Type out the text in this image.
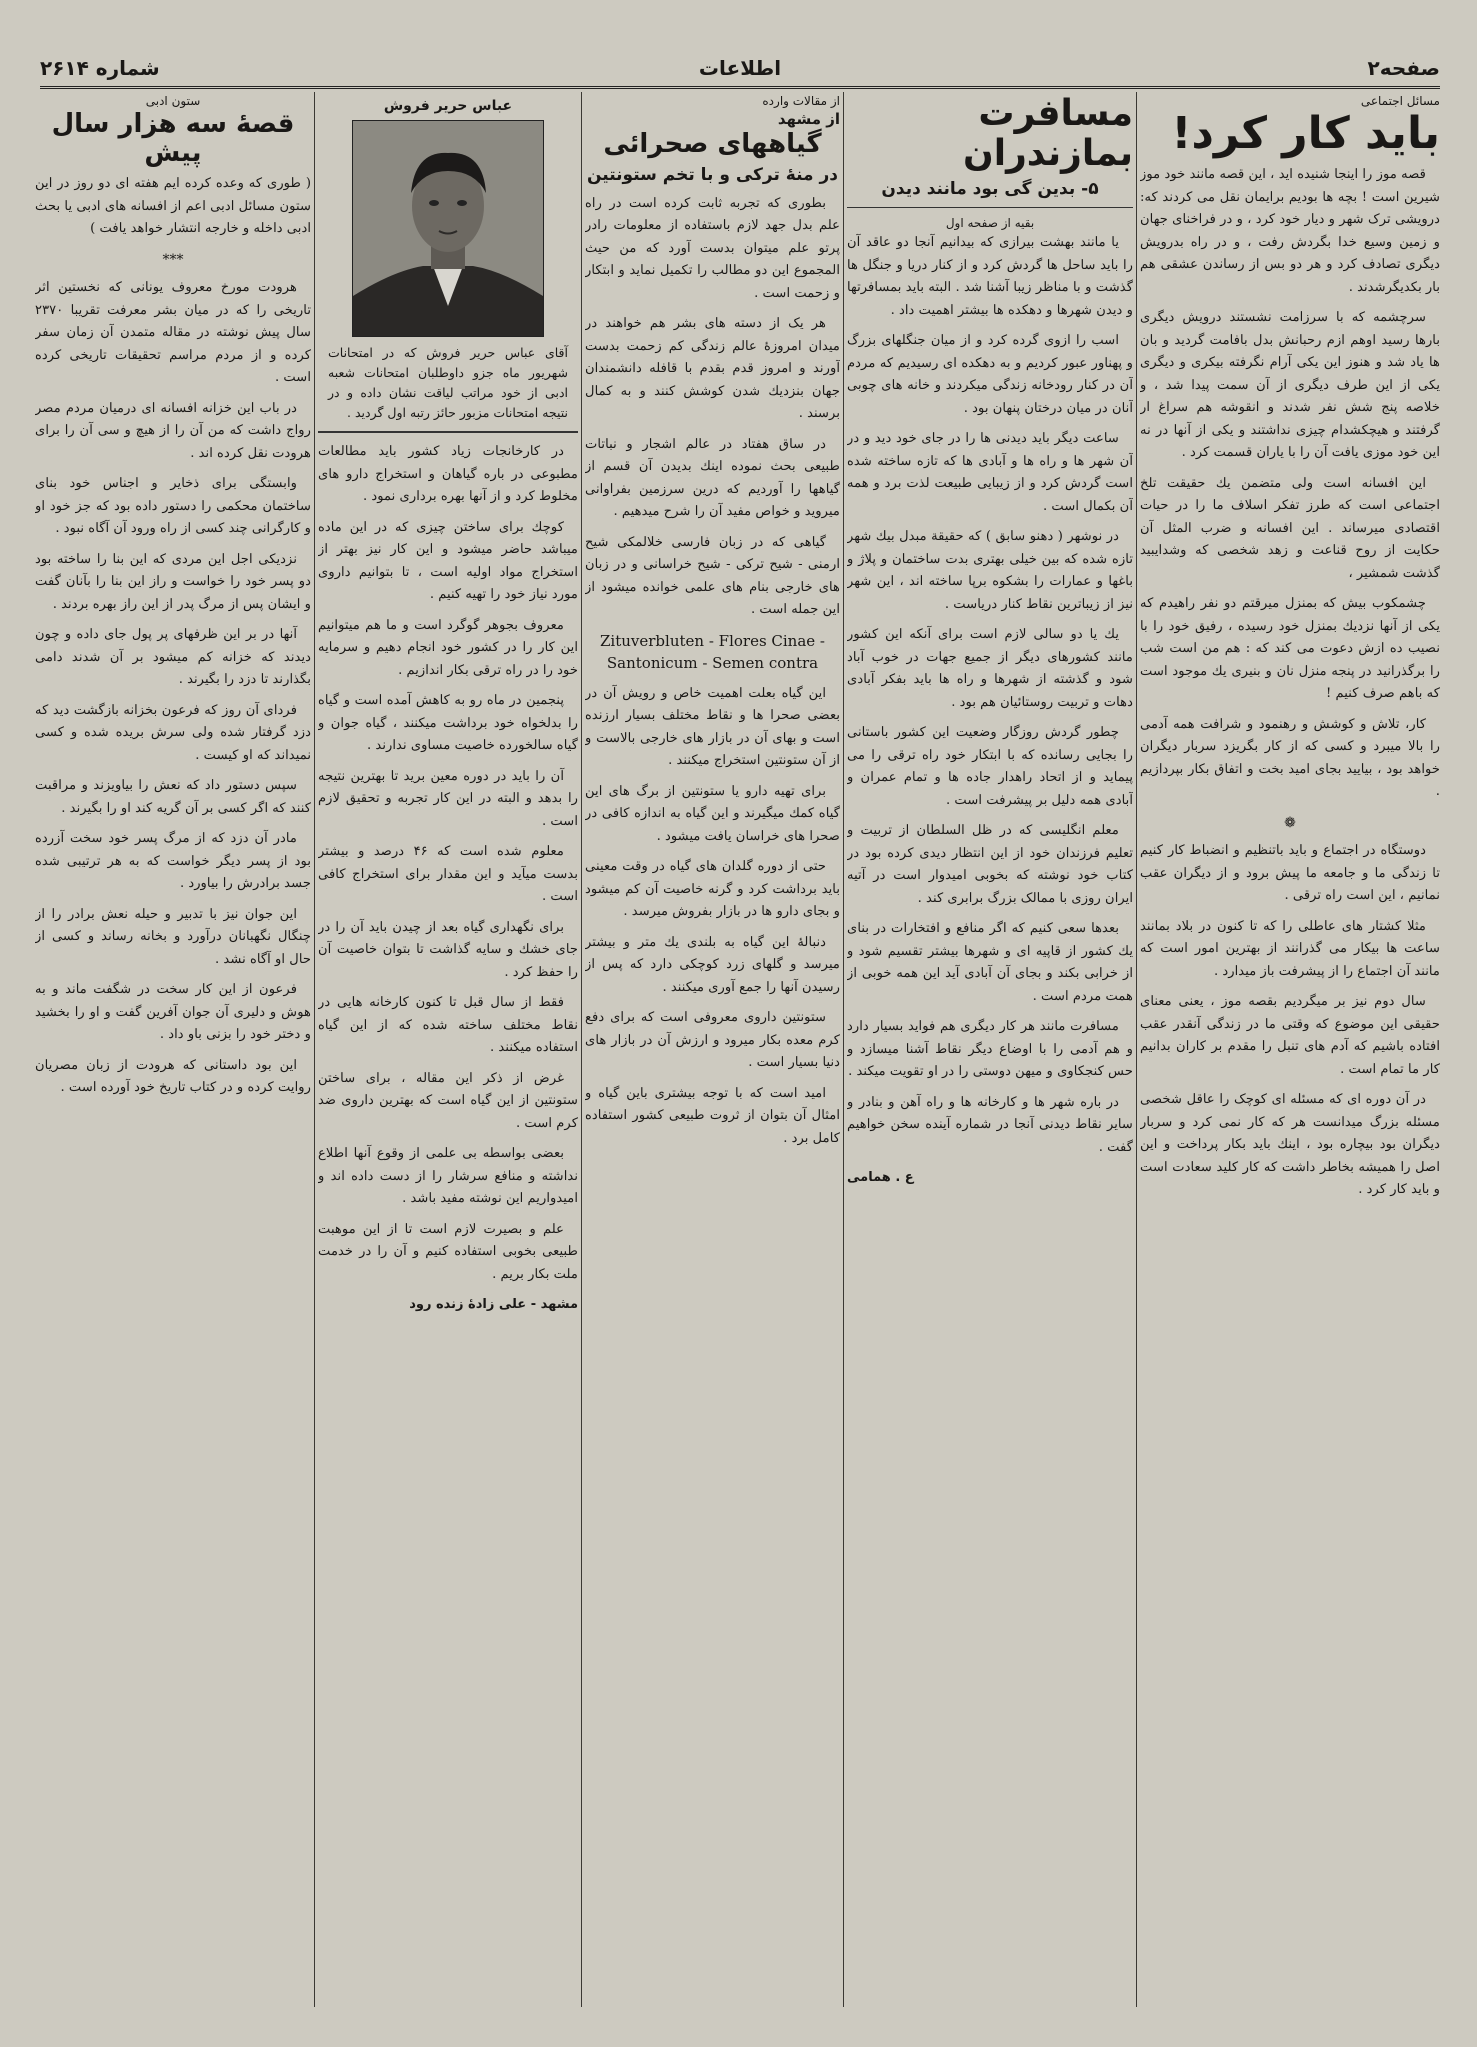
صفحه۲
اطلاعات
شماره ۲۶۱۴
مسائل اجتماعی
باید کار کرد!

قصه موز را اینجا شنیده اید ، این قصه مانند خود موز شیرین است ! بچه ها بودیم برایمان نقل می کردند که: درویشی ترک شهر و دیار خود کرد ، و در فراخنای جهان و زمین وسیع خدا بگردش رفت ، و در راه بدرویش دیگری تصادف کرد و هر دو بس از رساندن عشقی هم بار بکدیگرشدند .

سرچشمه که با سرزامت نشستند درویش دیگری بارها رسید اوهم ازم رحبانش بدل بافامت گردید و بان ها یاد شد و هنوز این یکی آرام نگرفته بیکری و دیگری یکی از این طرف دیگری از آن سمت پیدا شد ، و خلاصه پنج شش نفر شدند و انقوشه هم سراغ ار گرفتند و هیچکشدام چیزی نداشتند و یکی از آنها در نه این خود موزی یافت آن را با یاران قسمت کرد .

این افسانه است ولی متضمن یك حقیقت تلخ اجتماعی است که طرز تفکر اسلاف ما را در حیات اقتصادی میرساند . این افسانه و ضرب المثل آن حکایت از روح قناعت و زهد شخصی که وشدایبید گذشت شمشیر ،

چشمکوب بیش که بمنزل میرقتم دو نفر راهیدم که یکی از آنها نزدیك بمنزل خود رسیده ، رفیق خود را با نصیب ده ازش دعوت می کند که : هم من است شب را برگذرانید در پنجه منزل نان و بنیری یك موجود است که باهم صرف کنیم !

کار، تلاش و کوشش و رهنمود و شرافت همه آدمی را بالا میبرد و کسی که از کار بگریزد سربار دیگران خواهد بود ، بیایید بجای امید بخت و اتفاق بکار بپردازیم .

❁

دوستگاه در اجتماع و باید باتنظیم و انضباط کار کنیم تا زندگی ما و جامعه ما پیش برود و از دیگران عقب نمانیم ، این است راه ترقی .

مثلا کشتار های عاطلی را که تا کنون در بلاد بمانند ساعت ها بیکار می گذرانند از بهترین امور است که مانند آن اجتماع را از پیشرفت باز میدارد .

سال دوم نیز بر میگردیم بقصه موز ، یعنی معنای حقیقی این موضوع که وقتی ما در زندگی آنقدر عقب افتاده باشیم که آدم های تنبل را مقدم بر کاران بدانیم کار ما تمام است .

در آن دوره ای که مسئله ای کوچک را عاقل شخصی مسئله بزرگ میدانست هر که کار نمی کرد و سربار دیگران بود بیچاره بود ، اینك باید بکار پرداخت و این اصل را همیشه بخاطر داشت که کار کلید سعادت است و باید کار کرد .

مسافرت بمازندران
۵- بدین گی بود مانند دیدن
بقیه از صفحه اول

یا مانند بهشت بیرازی که بیدانیم آنجا دو عاقد آن را باید ساحل ها گردش کرد و از کنار دریا و جنگل ها گذشت و با مناظر زیبا آشنا شد . البته باید بمسافرتها و دیدن شهرها و دهکده ها بیشتر اهمیت داد .

اسب را ازوی گرده کرد و از میان جنگلهای بزرگ و پهناور عبور کردیم و به دهکده ای رسیدیم که مردم آن در کنار رودخانه زندگی میکردند و خانه های چوبی آنان در میان درختان پنهان بود .

ساعت دیگر باید دیدنی ها را در جای خود دید و در آن شهر ها و راه ها و آبادی ها که تازه ساخته شده است گردش کرد و از زیبایی طبیعت لذت برد و همه آن بکمال است .

در نوشهر ( دهنو سابق ) که حقیقة مبدل بیك شهر تازه شده که بین خیلی بهتری بدت ساختمان و پلاژ و باغها و عمارات را بشکوه برپا ساخته اند ، این شهر نیز از زیباترین نقاط کنار دریاست .

یك یا دو سالی لازم است برای آنکه این کشور مانند کشورهای دیگر از جمیع جهات در خوب آباد شود و گذشته از شهرها و راه ها باید بفکر آبادی دهات و تربیت روستائیان هم بود .

چطور گردش روزگار وضعیت این کشور باستانی را بجایی رسانده که با ابتکار خود راه ترقی را می پیماید و از اتحاد راهدار جاده ها و تمام عمران و آبادی همه دلیل بر پیشرفت است .

معلم انگلیسی که در ظل السلطان از تربیت و تعلیم فرزندان خود از این انتظار دیدی کرده بود در کتاب خود نوشته که بخوبی امیدوار است در آتیه ایران روزی با ممالک بزرگ برابری کند .

بعدها سعی کنیم که اگر منافع و افتخارات در بنای یك کشور از قاپیه ای و شهرها بیشتر تقسیم شود و از خرابی بکند و بجای آن آبادی آید این همه خوبی از همت مردم است .

مسافرت مانند هر کار دیگری هم فواید بسیار دارد و هم آدمی را با اوضاع دیگر نقاط آشنا میسازد و حس کنجکاوی و میهن دوستی را در او تقویت میکند .

در باره شهر ها و کارخانه ها و راه آهن و بنادر و سایر نقاط دیدنی آنجا در شماره آینده سخن خواهیم گفت .

ع . همامی
از مقالات وارده
از مشهد
گیاههای صحرائی
در منهٔ ترکی و با تخم ستونتین

بطوری که تجربه ثابت کرده است در راه علم بدل جهد لازم باستفاده از معلومات رادر پرتو علم میتوان بدست آورد که من حیث المجموع این دو مطالب را تکمیل نماید و ابتکار و زحمت است .

هر یک از دسته های بشر هم خواهند در میدان امروزهٔ عالم زندگی کم زحمت بدست آورند و امروز قدم بقدم با قافله دانشمندان جهان بنزدیك شدن کوشش کنند و به کمال برسند .

در ساق هفتاد در عالم اشجار و نباتات طبیعی بحث نموده اینك بدیدن آن قسم از گیاهها را آوردیم که درین سرزمین بفراوانی میروید و خواص مفید آن را شرح میدهیم .

گیاهی که در زبان فارسی خلالمکی شیح ارمنی - شیح ترکی - شیح خراسانی و در زبان های خارجی بنام های علمی خوانده میشود از این جمله است .

Zituverbluten - Flores Cinae - Santonicum - Semen contra

این گیاه بعلت اهمیت خاص و رویش آن در بعضی صحرا ها و نقاط مختلف بسیار ارزنده است و بهای آن در بازار های خارجی بالاست و از آن ستونتین استخراج میکنند .

برای تهیه دارو یا ستونتین از برگ های این گیاه کمك میگیرند و این گیاه به اندازه کافی در صحرا های خراسان یافت میشود .

حتی از دوره گلدان های گیاه در وقت معینی باید برداشت کرد و گرنه خاصیت آن کم میشود و بجای دارو ها در بازار بفروش میرسد .

دنبالهٔ این گیاه به بلندی یك متر و بیشتر میرسد و گلهای زرد کوچکی دارد که پس از رسیدن آنها را جمع آوری میکنند .

ستونتین داروی معروفی است که برای دفع کرم معده بکار میرود و ارزش آن در بازار های دنیا بسیار است .

امید است که با توجه بیشتری باین گیاه و امثال آن بتوان از ثروت طبیعی کشور استفاده کامل برد .

عباس حریر فروش
آقای عباس حریر فروش که در امتحانات شهریور ماه جزو داوطلبان امتحانات شعبه ادبی از خود مراتب لیاقت نشان داده و در نتیجه امتحانات مزبور حائز رتبه اول گردید .

در کارخانجات زیاد کشور باید مطالعات مطبوعی در باره گیاهان و استخراج دارو های مخلوط کرد و از آنها بهره برداری نمود .

کوچك برای ساختن چیزی که در این ماده میباشد حاضر میشود و این کار نیز بهتر از استخراج مواد اولیه است ، تا بتوانیم داروی مورد نیاز خود را تهیه کنیم .

معروف بجوهر گوگرد است و ما هم میتوانیم این کار را در کشور خود انجام دهیم و سرمایه خود را در راه ترقی بکار اندازیم .

پنجمین در ماه رو به کاهش آمده است و گیاه را بدلخواه خود برداشت میکنند ، گیاه جوان و گیاه سالخورده خاصیت مساوی ندارند .

آن را باید در دوره معین برید تا بهترین نتیجه را بدهد و البته در این کار تجربه و تحقیق لازم است .

معلوم شده است که ۴۶ درصد و بیشتر بدست میآید و این مقدار برای استخراج کافی است .

برای نگهداری گیاه بعد از چیدن باید آن را در جای خشك و سایه گذاشت تا بتوان خاصیت آن را حفظ کرد .

فقط از سال قبل تا کنون کارخانه هایی در نقاط مختلف ساخته شده که از این گیاه استفاده میکنند .

غرض از ذکر این مقاله ، برای ساختن ستونتین از این گیاه است که بهترین داروی ضد کرم است .

بعضی بواسطه بی علمی از وقوع آنها اطلاع نداشته و منافع سرشار را از دست داده اند و امیدواریم این نوشته مفید باشد .

علم و بصیرت لازم است تا از این موهبت طبیعی بخوبی استفاده کنیم و آن را در خدمت ملت بکار بریم .

مشهد - علی زادهٔ زنده رود
ستون ادبی
قصهٔ سه هزار سال پیش

( طوری که وعده کرده ایم هفته ای دو روز در این ستون مسائل ادبی اعم از افسانه های ادبی یا بحث ادبی داخله و خارجه انتشار خواهد یافت )

***

هرودت مورخ معروف یونانی که نخستین اثر تاریخی را که در میان بشر معرفت تقریبا ۲۳۷۰ سال پیش نوشته در مقاله متمدن آن زمان سفر کرده و از مردم مراسم تحقیقات تاریخی کرده است .

در باب این خزانه افسانه ای درمیان مردم مصر رواج داشت که من آن را از هیچ و سی آن را برای هرودت نقل کرده اند .

وابستگی برای ذخایر و اجناس خود بنای ساختمان محکمی را دستور داده بود که جز خود او و کارگرانی چند کسی از راه ورود آن آگاه نبود .

نزدیکی اجل این مردی که این بنا را ساخته بود دو پسر خود را خواست و راز این بنا را بآنان گفت و ایشان پس از مرگ پدر از این راز بهره بردند .

آنها در بر این ظرفهای پر پول جای داده و چون دیدند که خزانه کم میشود بر آن شدند دامی بگذارند تا دزد را بگیرند .

فردای آن روز که فرعون بخزانه بازگشت دید که دزد گرفتار شده ولی سرش بریده شده و کسی نمیداند که او کیست .

سپس دستور داد که نعش را بیاویزند و مراقبت کنند که اگر کسی بر آن گریه کند او را بگیرند .

مادر آن دزد که از مرگ پسر خود سخت آزرده بود از پسر دیگر خواست که به هر ترتیبی شده جسد برادرش را بیاورد .

این جوان نیز با تدبیر و حیله نعش برادر را از چنگال نگهبانان درآورد و بخانه رساند و کسی از حال او آگاه نشد .

فرعون از این کار سخت در شگفت ماند و به هوش و دلیری آن جوان آفرین گفت و او را بخشید و دختر خود را بزنی باو داد .

این بود داستانی که هرودت از زبان مصریان روایت کرده و در کتاب تاریخ خود آورده است .
